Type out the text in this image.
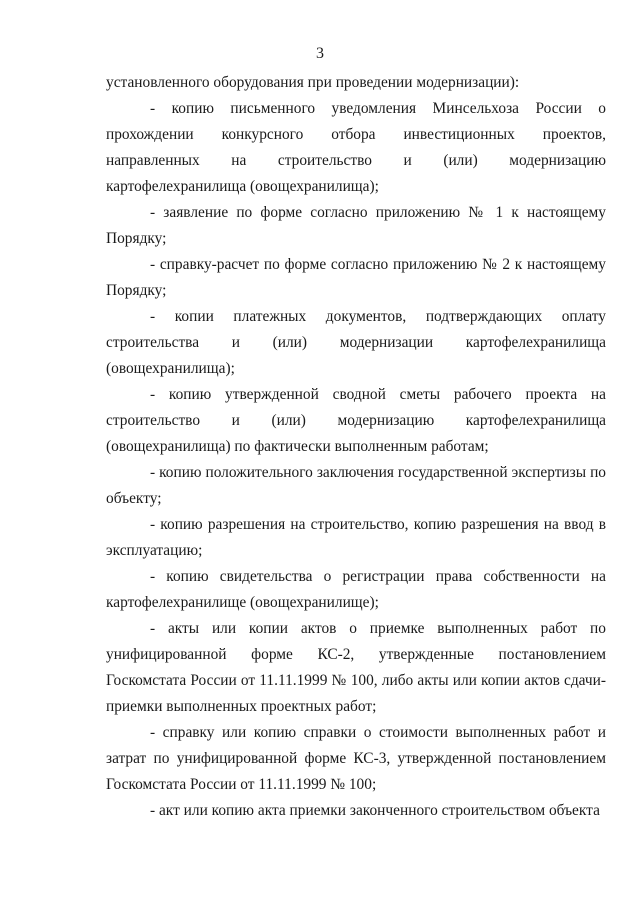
3

установленного оборудования при проведении модернизации):

- копию письменного уведомления Минсельхоза России о прохождении конкурсного отбора инвестиционных проектов, направленных на строительство и (или) модернизацию картофелехранилища (овощехранилища);

- заявление по форме согласно приложению № 1 к настоящему Порядку;

- справку-расчет по форме согласно приложению № 2 к настоящему Порядку;

- копии платежных документов, подтверждающих оплату строительства и (или) модернизации картофелехранилища (овощехранилища);

- копию утвержденной сводной сметы рабочего проекта на строительство и (или) модернизацию картофелехранилища (овощехранилища) по фактически выполненным работам;

- копию положительного заключения государственной экспертизы по объекту;

- копию разрешения на строительство, копию разрешения на ввод в эксплуатацию;

- копию свидетельства о регистрации права собственности на картофелехранилище (овощехранилище);

- акты или копии актов о приемке выполненных работ по унифицированной форме КС-2, утвержденные постановлением Госкомстата России от 11.11.1999 № 100, либо акты или копии актов сдачи-приемки выполненных проектных работ;

- справку или копию справки о стоимости выполненных работ и затрат по унифицированной форме КС-3, утвержденной постановлением Госкомстата России от 11.11.1999 № 100;

- акт или копию акта приемки законченного строительством объекта
